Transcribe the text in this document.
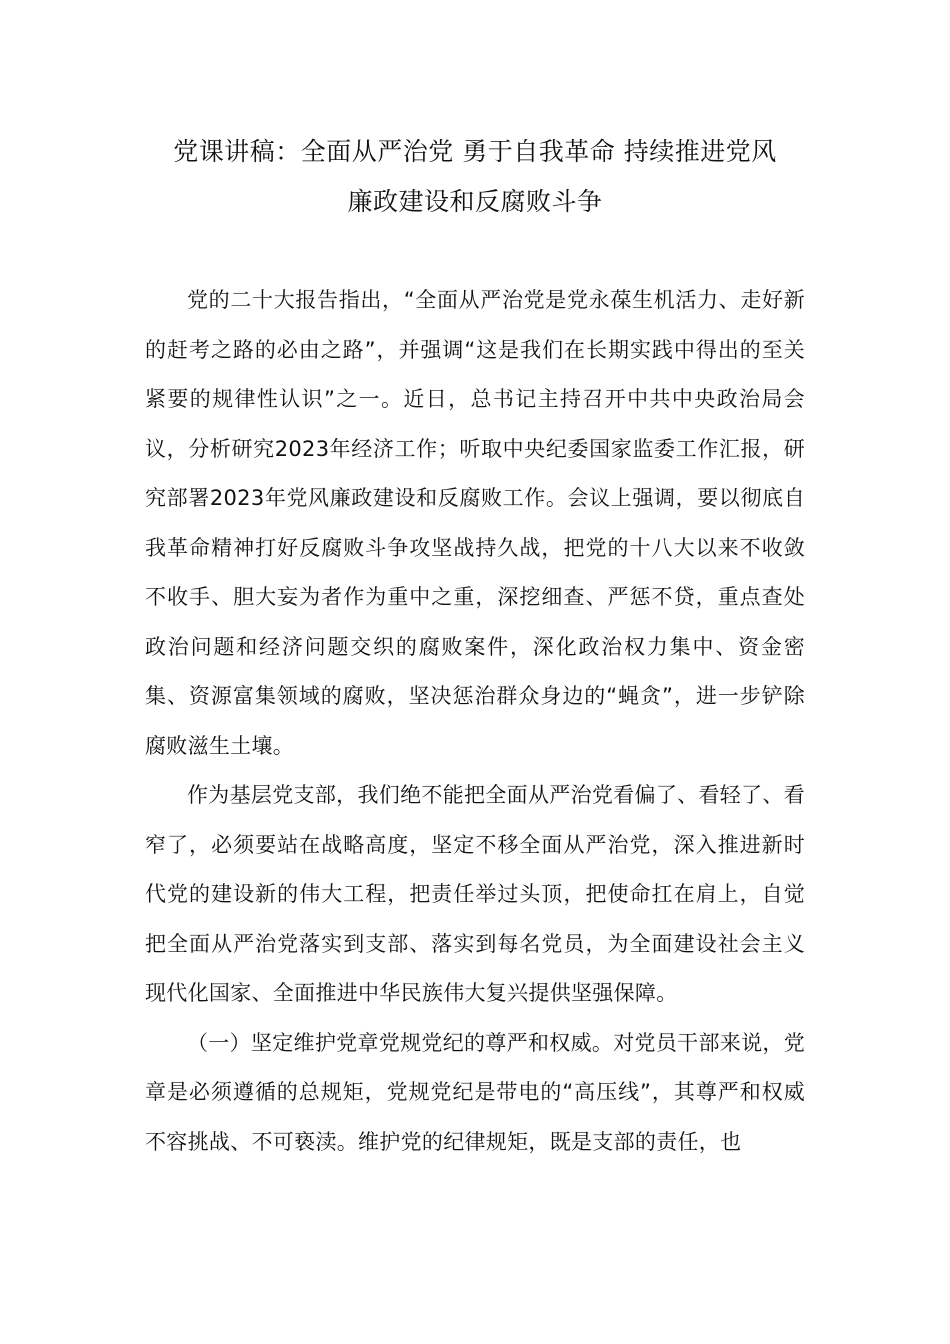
党课讲稿：全面从严治党 勇于自我革命 持续推进党风
廉政建设和反腐败斗争

党的二十大报告指出，“全面从严治党是党永葆生机活力、走好新的赶考之路的必由之路”，并强调“这是我们在长期实践中得出的至关紧要的规律性认识”之一。近日，总书记主持召开中共中央政治局会议，分析研究2023年经济工作；听取中央纪委国家监委工作汇报，研究部署2023年党风廉政建设和反腐败工作。会议上强调，要以彻底自我革命精神打好反腐败斗争攻坚战持久战，把党的十八大以来不收敛不收手、胆大妄为者作为重中之重，深挖细查、严惩不贷，重点查处政治问题和经济问题交织的腐败案件，深化政治权力集中、资金密集、资源富集领域的腐败，坚决惩治群众身边的“蝇贪”，进一步铲除腐败滋生土壤。

作为基层党支部，我们绝不能把全面从严治党看偏了、看轻了、看窄了，必须要站在战略高度，坚定不移全面从严治党，深入推进新时代党的建设新的伟大工程，把责任举过头顶，把使命扛在肩上，自觉把全面从严治党落实到支部、落实到每名党员，为全面建设社会主义现代化国家、全面推进中华民族伟大复兴提供坚强保障。

（一）坚定维护党章党规党纪的尊严和权威。对党员干部来说，党章是必须遵循的总规矩，党规党纪是带电的“高压线”，其尊严和权威不容挑战、不可亵渎。维护党的纪律规矩，既是支部的责任，也
